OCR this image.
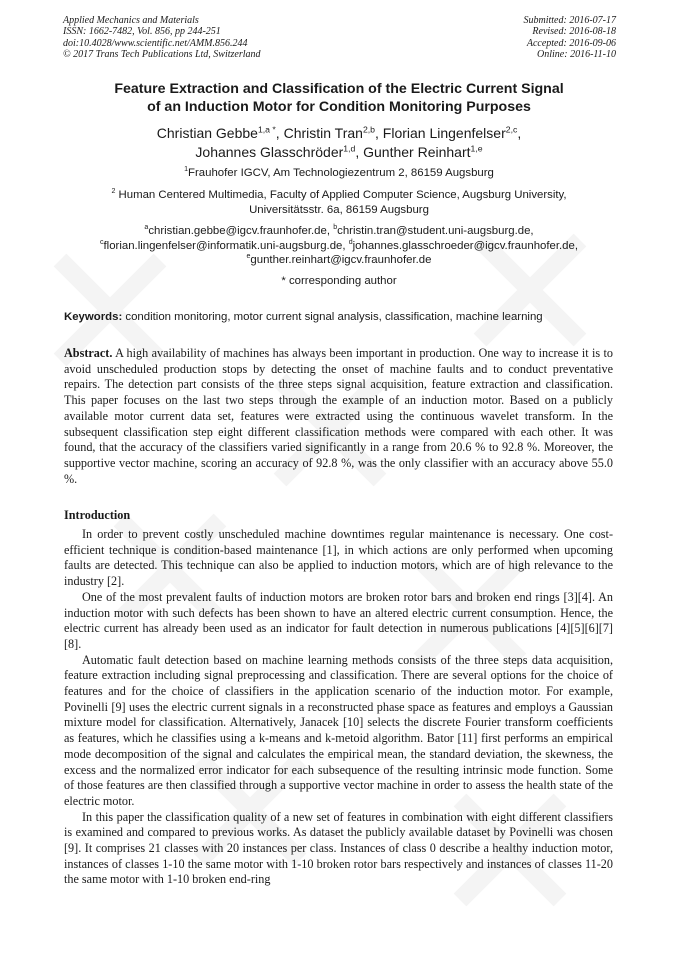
Applied Mechanics and Materials
ISSN: 1662-7482, Vol. 856, pp 244-251
doi:10.4028/www.scientific.net/AMM.856.244
© 2017 Trans Tech Publications Ltd, Switzerland
Submitted: 2016-07-17
Revised: 2016-08-18
Accepted: 2016-09-06
Online: 2016-11-10
Feature Extraction and Classification of the Electric Current Signal
of an Induction Motor for Condition Monitoring Purposes
Christian Gebbe$^{1,a *}$, Christin Tran$^{2,b}$, Florian Lingenfelser$^{2,c}$,
Johannes Glasschröder$^{1,d}$, Gunther Reinhart$^{1,e}$
$^1$Frauhofer IGCV, Am Technologiezentrum 2, 86159 Augsburg
$^2$ Human Centered Multimedia, Faculty of Applied Computer Science, Augsburg University,
Universitätsstr. 6a, 86159 Augsburg
$^a$christian.gebbe@igcv.fraunhofer.de, $^b$christin.tran@student.uni-augsburg.de,
$^c$florian.lingenfelser@informatik.uni-augsburg.de, $^d$johannes.glasschroeder@igcv.fraunhofer.de,
$^e$gunther.reinhart@igcv.fraunhofer.de
* corresponding author
Keywords: condition monitoring, motor current signal analysis, classification, machine learning
Abstract. A high availability of machines has always been important in production. One way to increase it is to avoid unscheduled production stops by detecting the onset of machine faults and to conduct preventative repairs. The detection part consists of the three steps signal acquisition, feature extraction and classification. This paper focuses on the last two steps through the example of an induction motor. Based on a publicly available motor current data set, features were extracted using the continuous wavelet transform. In the subsequent classification step eight different classification methods were compared with each other. It was found, that the accuracy of the classifiers varied significantly in a range from 20.6 % to 92.8 %. Moreover, the supportive vector machine, scoring an accuracy of 92.8 %, was the only classifier with an accuracy above 55.0 %.
Introduction

In order to prevent costly unscheduled machine downtimes regular maintenance is necessary. One cost-efficient technique is condition-based maintenance [1], in which actions are only performed when upcoming faults are detected. This technique can also be applied to induction motors, which are of high relevance to the industry [2].

One of the most prevalent faults of induction motors are broken rotor bars and broken end rings [3][4]. An induction motor with such defects has been shown to have an altered electric current consumption. Hence, the electric current has already been used as an indicator for fault detection in numerous publications [4][5][6][7][8].

Automatic fault detection based on machine learning methods consists of the three steps data acquisition, feature extraction including signal preprocessing and classification. There are several options for the choice of features and for the choice of classifiers in the application scenario of the induction motor. For example, Povinelli [9] uses the electric current signals in a reconstructed phase space as features and employs a Gaussian mixture model for classification. Alternatively, Janacek [10] selects the discrete Fourier transform coefficients as features, which he classifies using a k-means and k-metoid algorithm. Bator [11] first performs an empirical mode decomposition of the signal and calculates the empirical mean, the standard deviation, the skewness, the excess and the normalized error indicator for each subsequence of the resulting intrinsic mode function. Some of those features are then classified through a supportive vector machine in order to assess the health state of the electric motor.

In this paper the classification quality of a new set of features in combination with eight different classifiers is examined and compared to previous works. As dataset the publicly available dataset by Povinelli was chosen [9]. It comprises 21 classes with 20 instances per class. Instances of class 0 describe a healthy induction motor, instances of classes 1-10 the same motor with 1-10 broken rotor bars respectively and instances of classes 11-20 the same motor with 1-10 broken end-ring
